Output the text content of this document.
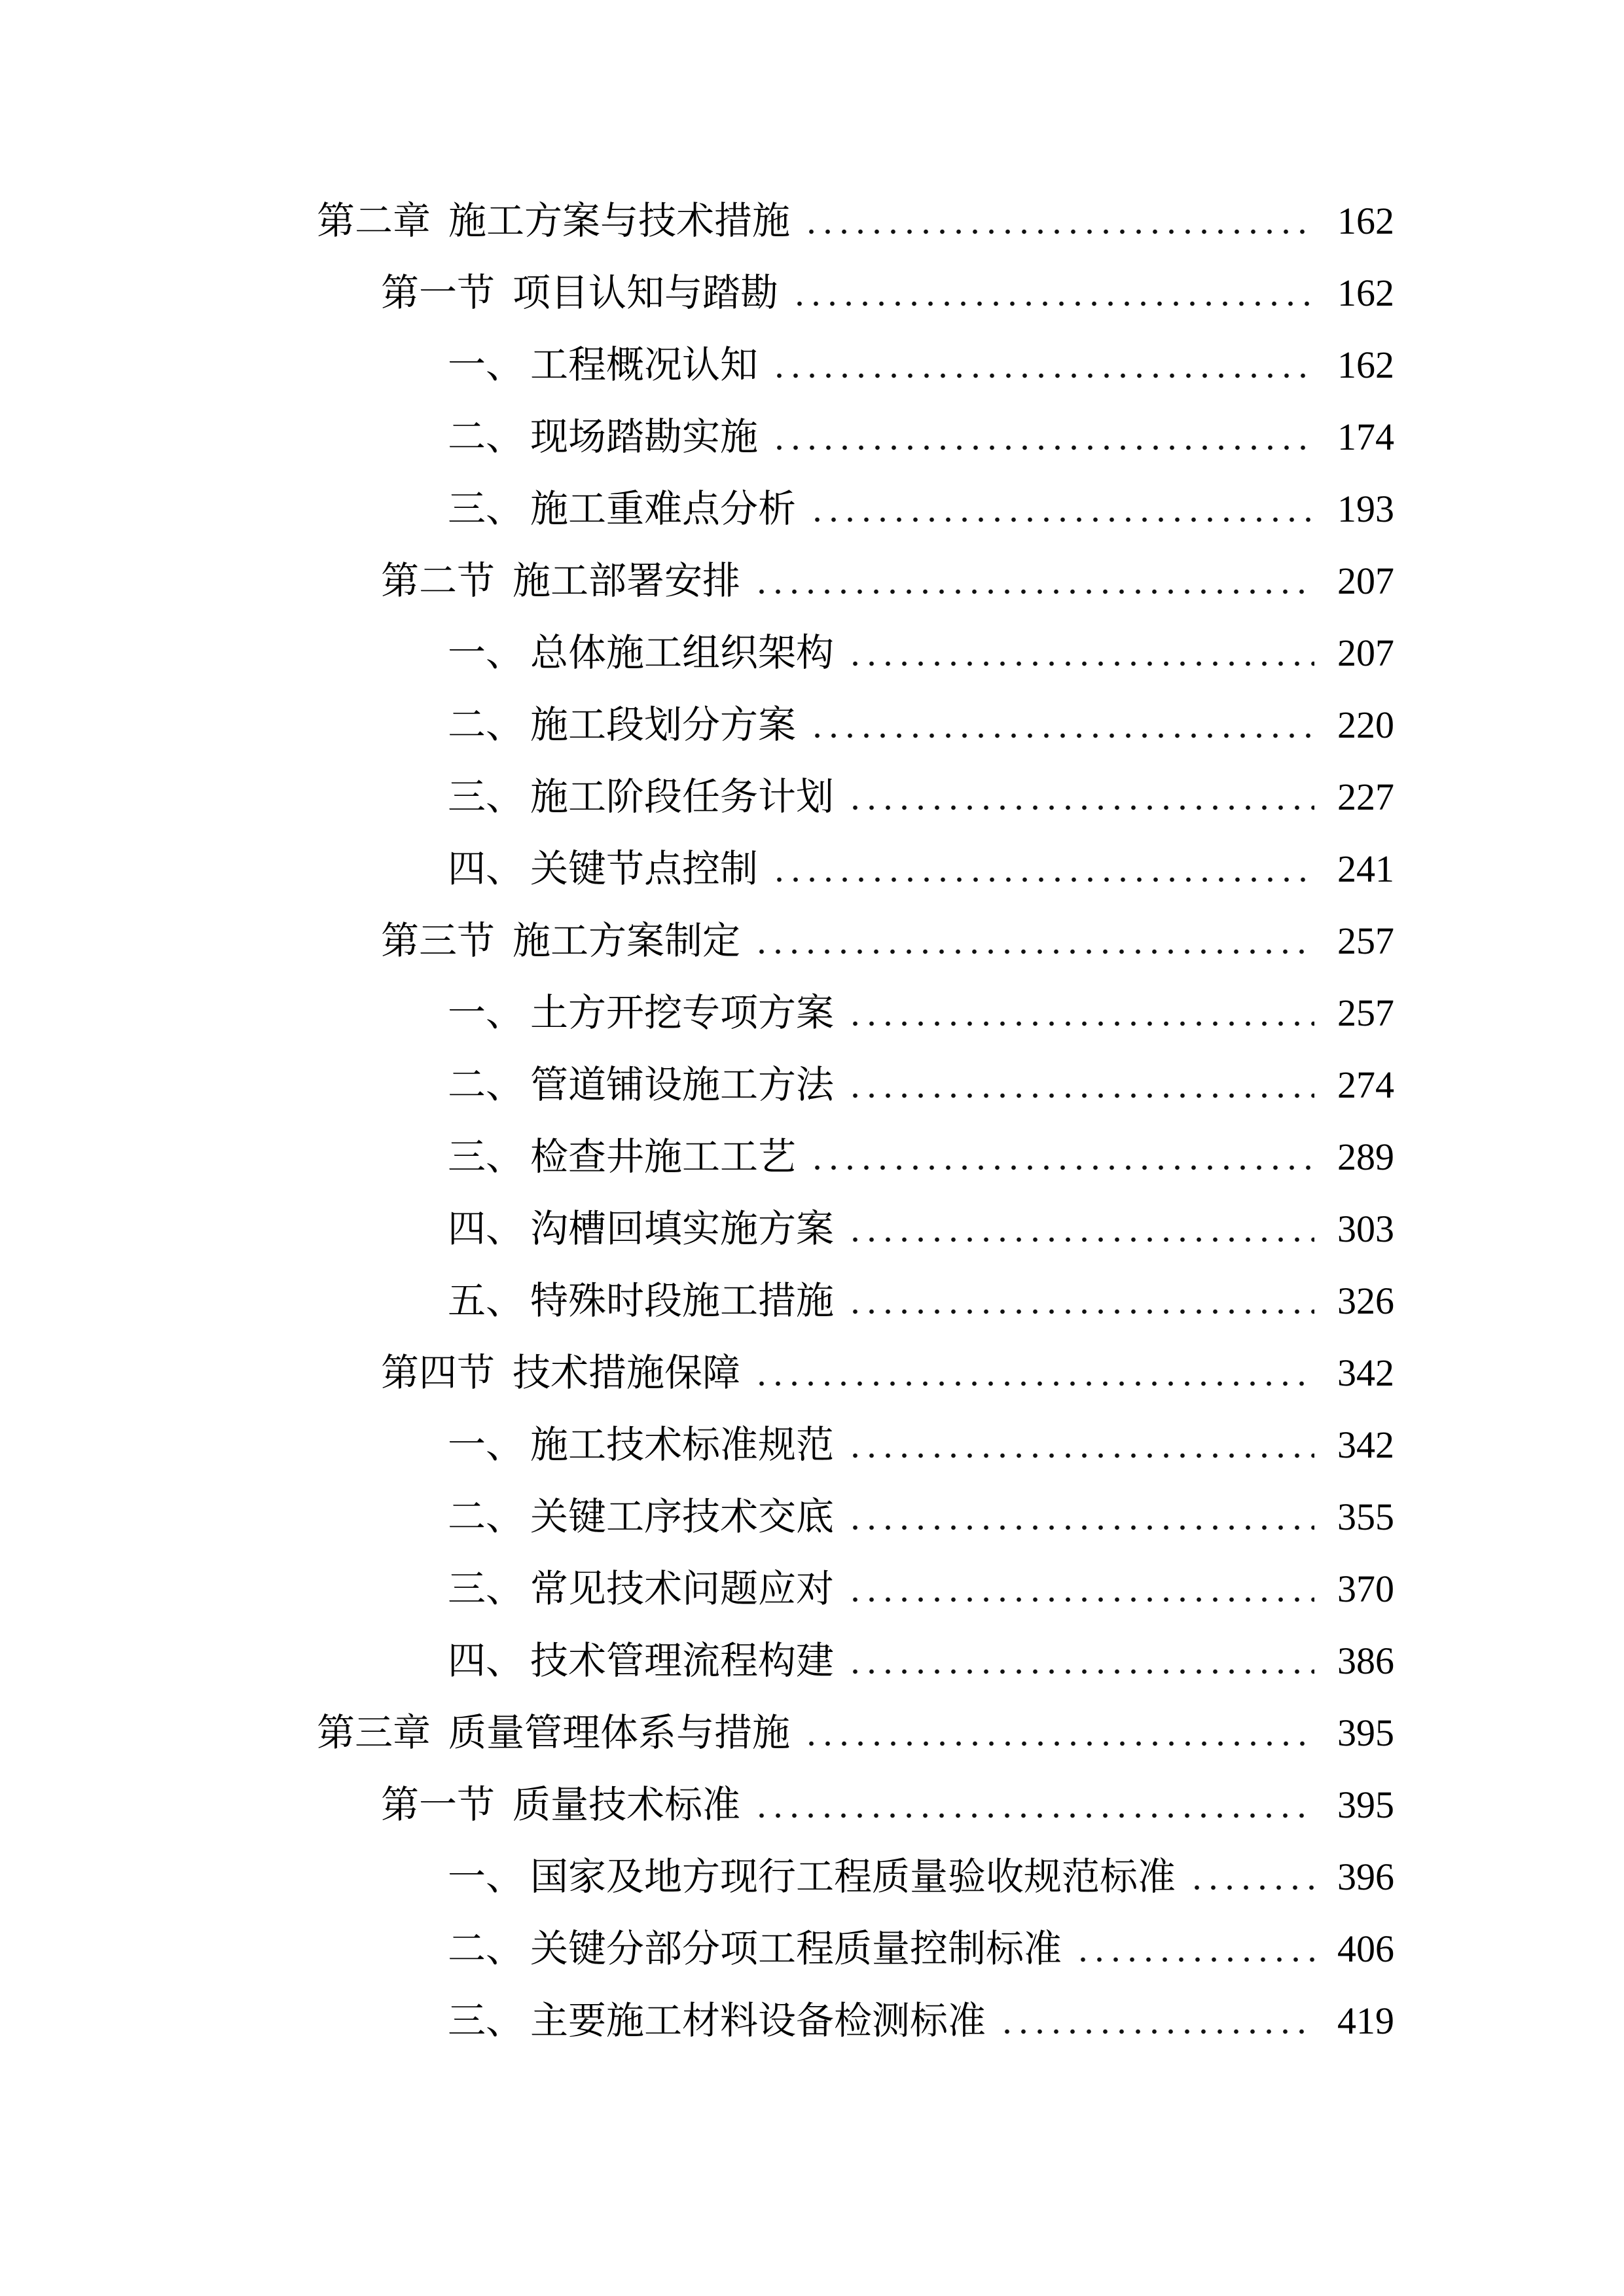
第二章 施工方案与技术措施	162
第一节 项目认知与踏勘	162
一、 工程概况认知	162
二、 现场踏勘实施	174
三、 施工重难点分析	193
第二节 施工部署安排	207
一、 总体施工组织架构	207
二、 施工段划分方案	220
三、 施工阶段任务计划	227
四、 关键节点控制	241
第三节 施工方案制定	257
一、 土方开挖专项方案	257
二、 管道铺设施工方法	274
三、 检查井施工工艺	289
四、 沟槽回填实施方案	303
五、 特殊时段施工措施	326
第四节 技术措施保障	342
一、 施工技术标准规范	342
二、 关键工序技术交底	355
三、 常见技术问题应对	370
四、 技术管理流程构建	386
第三章 质量管理体系与措施	395
第一节 质量技术标准	395
一、 国家及地方现行工程质量验收规范标准	396
二、 关键分部分项工程质量控制标准	406
三、 主要施工材料设备检测标准	419
